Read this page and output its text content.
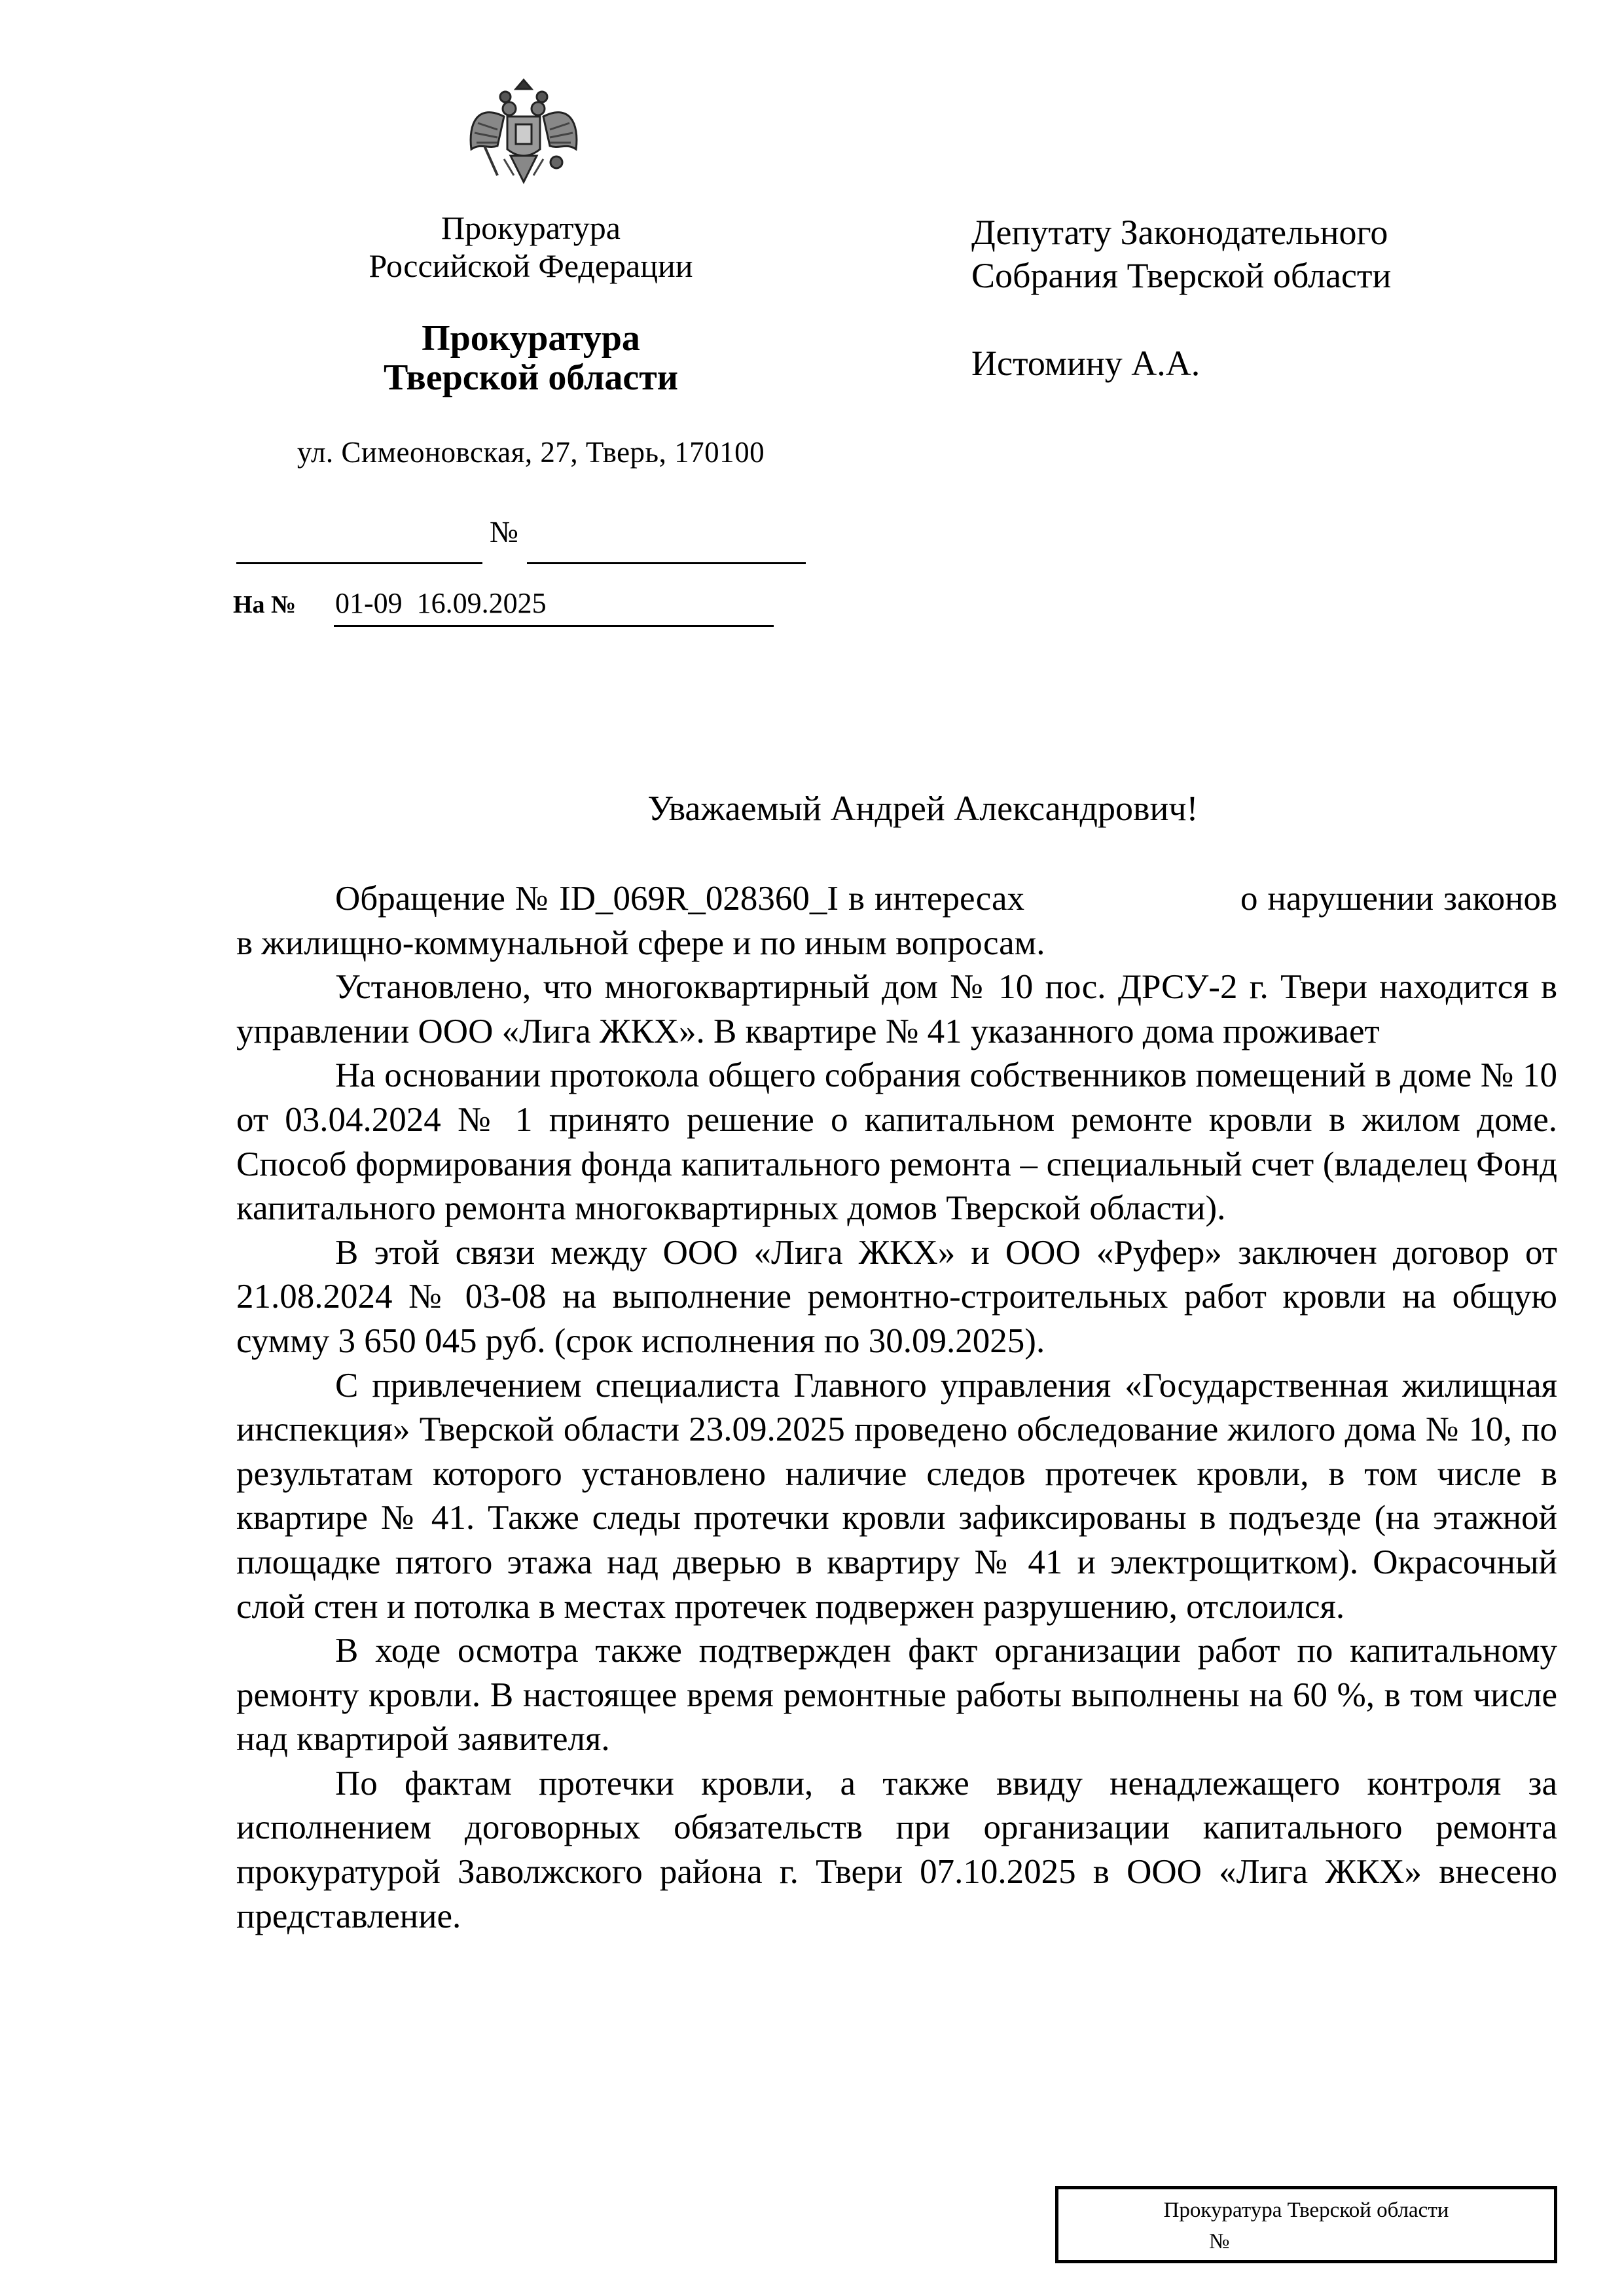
Прокуратура
Российской Федерации
Прокуратура
Тверской области
ул. Симеоновская, 27, Тверь, 170100
№
На № 01-09  16.09.2025
Депутату Законодательного
Собрания Тверской области
Истомину А.А.
Уважаемый Андрей Александрович!

Обращение № ID_069R_028360_I в интересах	о нарушении законов в жилищно-коммунальной сфере и по иным вопросам.

Установлено, что многоквартирный дом № 10 пос. ДРСУ-2 г. Твери находится в управлении ООО «Лига ЖКХ». В квартире № 41 указанного дома проживает

На основании протокола общего собрания собственников помещений в доме № 10 от 03.04.2024 № 1 принято решение о капитальном ремонте кровли в жилом доме. Способ формирования фонда капитального ремонта – специальный счет (владелец Фонд капитального ремонта многоквартирных домов Тверской области).

В этой связи между ООО «Лига ЖКХ» и ООО «Руфер» заключен договор от 21.08.2024 № 03-08 на выполнение ремонтно-строительных работ кровли на общую сумму 3 650 045 руб. (срок исполнения по 30.09.2025).

С привлечением специалиста Главного управления «Государственная жилищная инспекция» Тверской области 23.09.2025 проведено обследование жилого дома № 10, по результатам которого установлено наличие следов протечек кровли, в том числе в квартире № 41. Также следы протечки кровли зафиксированы в подъезде (на этажной площадке пятого этажа над дверью в квартиру № 41 и электрощитком). Окрасочный слой стен и потолка в местах протечек подвержен разрушению, отслоился.

В ходе осмотра также подтвержден факт организации работ по капитальному ремонту кровли. В настоящее время ремонтные работы выполнены на 60 %, в том числе над квартирой заявителя.

По фактам протечки кровли, а также ввиду ненадлежащего контроля за исполнением договорных обязательств при организации капитального ремонта прокуратурой Заволжского района г. Твери 07.10.2025 в ООО «Лига ЖКХ» внесено представление.

Прокуратура Тверской области
№
